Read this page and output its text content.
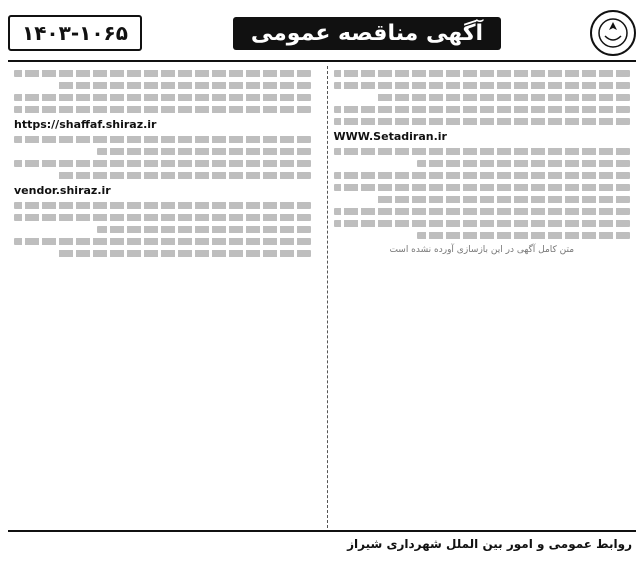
آگهی مناقصه عمومی
۱۴۰۳-۱۰۶۵
WWW.Setadiran.ir
متن کامل آگهی در این بازسازی آورده نشده است
https://shaffaf.shiraz.ir
vendor.shiraz.ir
روابط عمومی و امور بین الملل شهرداری شیراز
